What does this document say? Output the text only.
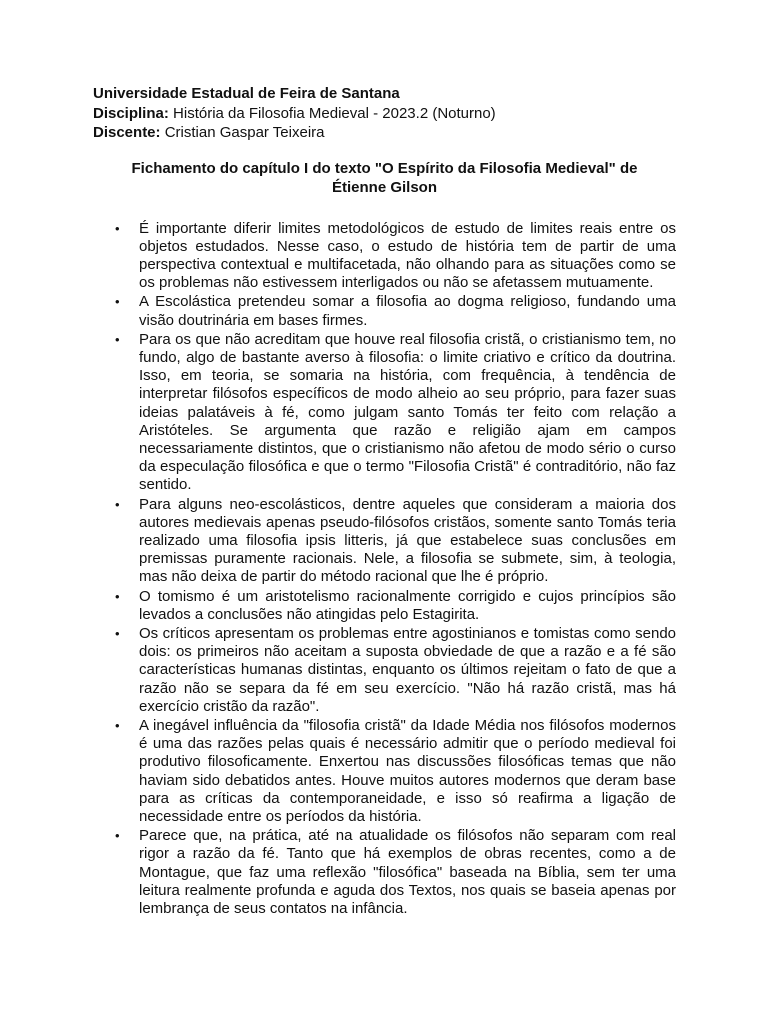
Universidade Estadual de Feira de Santana

Disciplina: História da Filosofia Medieval - 2023.2 (Noturno)

Discente: Cristian Gaspar Teixeira

Fichamento do capítulo I do texto "O Espírito da Filosofia Medieval" de
Étienne Gilson
• É importante diferir limites metodológicos de estudo de limites reais entre os objetos estudados. Nesse caso, o estudo de história tem de partir de uma perspectiva contextual e multifacetada, não olhando para as situações como se os problemas não estivessem interligados ou não se afetassem mutuamente.
• A Escolástica pretendeu somar a filosofia ao dogma religioso, fundando uma visão doutrinária em bases firmes.
• Para os que não acreditam que houve real filosofia cristã, o cristianismo tem, no fundo, algo de bastante averso à filosofia: o limite criativo e crítico da doutrina. Isso, em teoria, se somaria na história, com frequência, à tendência de interpretar filósofos específicos de modo alheio ao seu próprio, para fazer suas ideias palatáveis à fé, como julgam santo Tomás ter feito com relação a Aristóteles. Se argumenta que razão e religião ajam em campos necessariamente distintos, que o cristianismo não afetou de modo sério o curso da especulação filosófica e que o termo "Filosofia Cristã" é contraditório, não faz sentido.
• Para alguns neo-escolásticos, dentre aqueles que consideram a maioria dos autores medievais apenas pseudo-filósofos cristãos, somente santo Tomás teria realizado uma filosofia ipsis litteris, já que estabelece suas conclusões em premissas puramente racionais. Nele, a filosofia se submete, sim, à teologia, mas não deixa de partir do método racional que lhe é próprio.
• O tomismo é um aristotelismo racionalmente corrigido e cujos princípios são levados a conclusões não atingidas pelo Estagirita.
• Os críticos apresentam os problemas entre agostinianos e tomistas como sendo dois: os primeiros não aceitam a suposta obviedade de que a razão e a fé são características humanas distintas, enquanto os últimos rejeitam o fato de que a razão não se separa da fé em seu exercício. "Não há razão cristã, mas há exercício cristão da razão".
• A inegável influência da "filosofia cristã" da Idade Média nos filósofos modernos é uma das razões pelas quais é necessário admitir que o período medieval foi produtivo filosoficamente. Enxertou nas discussões filosóficas temas que não haviam sido debatidos antes. Houve muitos autores modernos que deram base para as críticas da contemporaneidade, e isso só reafirma a ligação de necessidade entre os períodos da história.
• Parece que, na prática, até na atualidade os filósofos não separam com real rigor a razão da fé. Tanto que há exemplos de obras recentes, como a de Montague, que faz uma reflexão "filosófica" baseada na Bíblia, sem ter uma leitura realmente profunda e aguda dos Textos, nos quais se baseia apenas por lembrança de seus contatos na infância.
